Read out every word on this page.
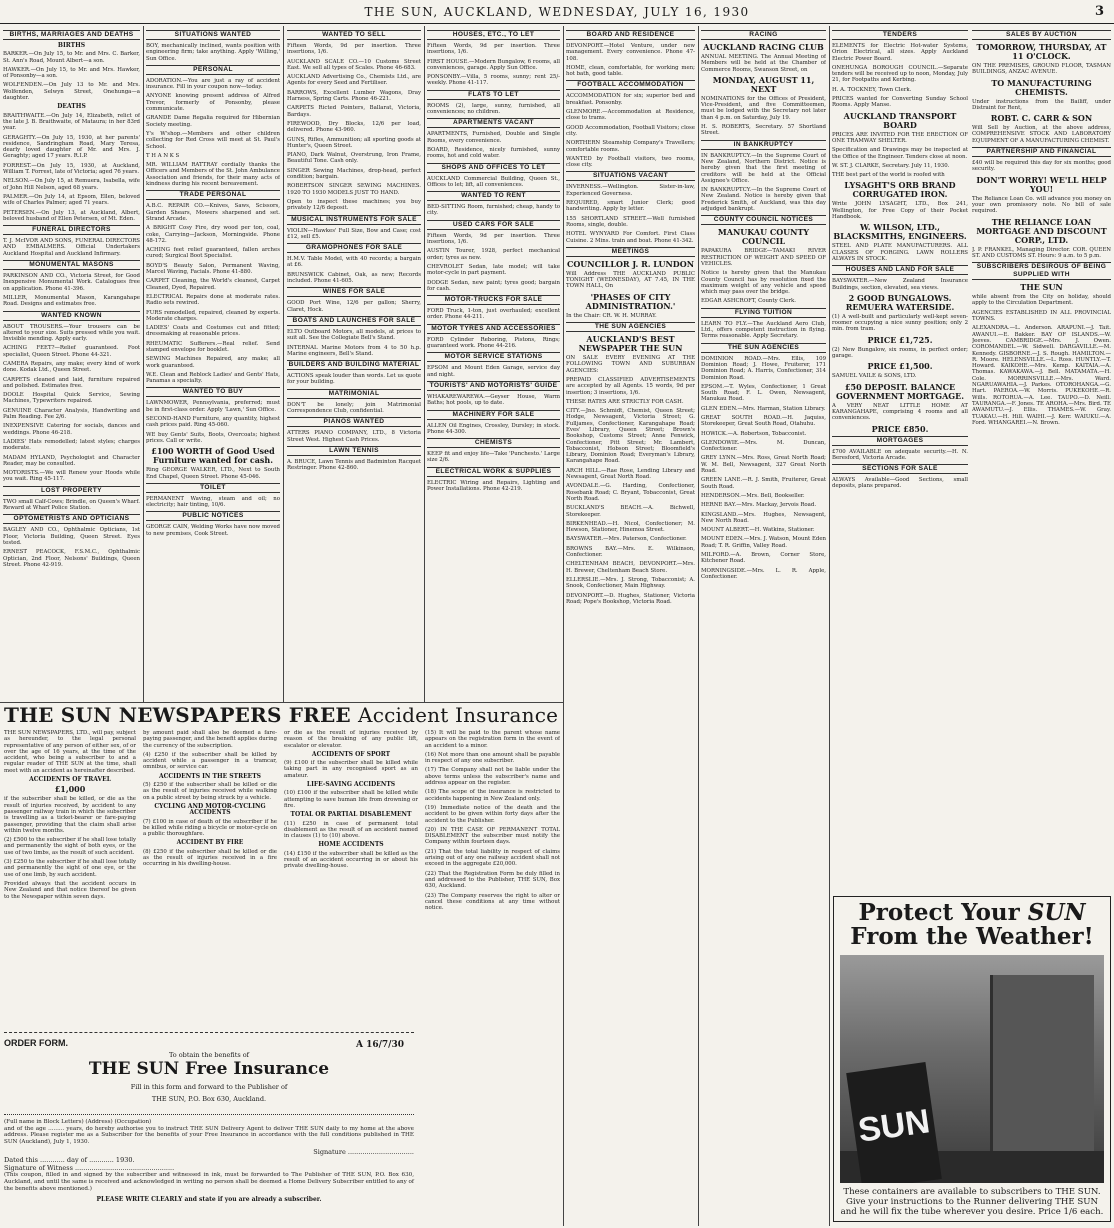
THE SUN, AUCKLAND, WEDNESDAY, JULY 16, 1930	3
BIRTHS, MARRIAGES AND DEATHS
BIRTHS
BARKER.—On July 15, to Mr. and Mrs. C. Barker, St. Ann's Road, Mount Albert—a son.
HAWKER.—On July 15, to Mr. and Mrs. Hawker, of Ponsonby—a son.
WOLFENDEN.—On July 13 to Mr. and Mrs. Wolfenden, Selwyn Street, Onehunga—a daughter.
DEATHS
BRAITHWAITE.—On July 14, Elizabeth, relict of the late J. B. Braithwaite, of Mataura; in her 83rd year.
GERAGHTY.—On July 15, 1930, at her parents' residence, Sandringham Road, Mary Teresa, dearly loved daughter of Mr. and Mrs. J. Geraghty; aged 17 years. R.I.P.
FORREST.—On July 15, 1930, at Auckland, William T. Forrest, late of Victoria; aged 76 years.
NELSON.—On July 15, at Remuera, Isabella, wife of John Hill Nelson, aged 68 years.
PALMER.—On July 14, at Epsom, Ellen, beloved wife of Charles Palmer; aged 71 years.
PETERSEN.—On July 13, at Auckland, Albert, beloved husband of Ellen Petersen, of Mt. Eden.
FUNERAL DIRECTORS
T. J. McIVOR AND SONS, FUNERAL DIRECTORS AND EMBALMERS. Official Undertakers Auckland Hospital and Auckland Infirmary.
MONUMENTAL MASONS
PARKINSON AND CO., Victoria Street, for Good Inexpensive Monumental Work. Catalogues free on application. Phone 41-396.
MILLER, Monumental Mason, Karangahape Road. Designs and estimates free.
WANTED KNOWN
ABOUT TROUSERS.—Your trousers can be altered to your size. Suits pressed while you wait. Invisible mending. Apply early.
ACHING FEET?—Relief guaranteed. Foot specialist, Queen Street. Phone 44-321.
CAMERA Repairs, any make; every kind of work done. Kodak Ltd., Queen Street.
CARPETS cleaned and laid, furniture repaired and polished. Estimates free.
DOOLE Hospital Quick Service, Sewing Machines, Typewriters repaired.
GENUINE Character Analysis, Handwriting and Palm Reading. Fee 2/6.
INEXPENSIVE Catering for socials, dances and weddings. Phone 46-218.
LADIES' Hats remodelled; latest styles; charges moderate.
MADAM HYLAND, Psychologist and Character Reader, may be consulted.
MOTORISTS.—We will Renew your Hoods while you wait. Ring 45-117.
LOST PROPERTY
TWO small Calf-Cows; Brindle, on Queen's Wharf. Reward at Wharf Police Station.
OPTOMETRISTS AND OPTICIANS
BAGLEY AND CO., Ophthalmic Opticians, 1st Floor, Victoria Building, Queen Street. Eyes tested.
ERNEST PEACOCK, F.S.M.C., Ophthalmic Optician, 2nd Floor, Nelsons' Buildings, Queen Street. Phone 42-919.
SITUATIONS WANTED
BOY, mechanically inclined, wants position with engineering firm; take anything. Apply 'Willing,' Sun Office.
PERSONAL
ADORATION.—You are just a ray of accident insurance. Fill in your coupon now—today.
ANYONE knowing present address of Alfred Trevor, formerly of Ponsonby, please communicate.
GRANDE Dame Regalia required for Hibernian Society meeting.
Y's W'shop.—Members and other children collecting for Red Cross will meet at St. Paul's School.
T H A N K S
MR. WILLIAM RATTRAY cordially thanks the Officers and Members of the St. John Ambulance Association and friends, for their many acts of kindness during his recent bereavement.
TRADE PERSONAL
A.B.C. REPAIR CO.—Knives, Saws, Scissors, Garden Shears, Mowers sharpened and set. Strand Arcade.
A BRIGHT Cosy Fire, dry wood per ton, coal, coke, Carrying—Jackson, Morningside. Phone 48-172.
ACHING feet relief guaranteed, fallen arches cured; Surgical Boot Specialist.
BOYD'S Beauty Salon, Permanent Waving, Marcel Waving, Facials. Phone 41-880.
CARPET Cleaning, the World's cleanest, Carpet Cleaned, Dyed, Repaired.
ELECTRICAL Repairs done at moderate rates. Radio sets rewired.
FURS remodelled, repaired, cleaned by experts. Moderate charges.
LADIES' Coats and Costumes cut and fitted; dressmaking at reasonable prices.
RHEUMATIC Sufferers.—Real relief. Send stamped envelope for booklet.
SEWING Machines Repaired, any make; all work guaranteed.
W.E. Clean and Reblock Ladies' and Gents' Hats, Panamas a specialty.
WANTED TO BUY
LAWNMOWER, Pennsylvania, preferred; must be in first-class order. Apply 'Lawn,' Sun Office.
SECOND-HAND Furniture, any quantity, highest cash prices paid. Ring 45-060.
WE buy Gents' Suits, Boots, Overcoats; highest prices. Call or write.
£100 WORTH of Good Used Furniture wanted for cash.
Ring GEORGE WALKER, LTD., Next to South End Chapel, Queen Street. Phone 45-046.
TOILET
PERMANENT Waving, steam and oil; no electricity; hair tinting, 10/6.
PUBLIC NOTICES
GEORGE CAIN, Welding Works have now moved to new premises, Cook Street.
WANTED TO SELL
Fifteen Words, 9d per insertion. Three insertions, 1/6.
AUCKLAND SCALE CO.—10 Customs Street East. We sell all types of Scales. Phone 46-683.
AUCKLAND Advertising Co., Chemists Ltd., are Agents for every Seed and Fertiliser.
BARROWS, Excellent Lumber Wagons, Dray Harness, Spring Carts. Phone 46-221.
CARPETS Ricted Pointers, Ballarat, Victoria, Bardays.
FIREWOOD, Dry Blocks, 12/6 per load, delivered. Phone 43-960.
GUNS, Rifles, Ammunition; all sporting goods at Hunter's, Queen Street.
PIANO, Dark Walnut, Overstrung, Iron Frame, Beautiful Tone. Cash only.
SINGER Sewing Machines, drop-head, perfect condition; bargain.
ROBERTSON SINGER SEWING MACHINES. 1920 TO 1930 MODELS JUST TO HAND.
Open to inspect these machines; you buy privately 12/6 deposit.
MUSICAL INSTRUMENTS FOR SALE
VIOLIN—Hawkes' Full Size, Bow and Case; cost £12, sell £5.
GRAMOPHONES FOR SALE
H.M.V. Table Model, with 40 records; a bargain at £6.
BRUNSWICK Cabinet, Oak, as new; Records included. Phone 41-605.
WINES FOR SALE
GOOD Port Wine, 12/6 per gallon; Sherry, Claret, Hock.
BOATS AND LAUNCHES FOR SALE
ELTO Outboard Motors, all models, at prices to suit all. See the Collegiate Bell's Stand.
INTERNAL Marine Motors from 4 to 50 h.p. Marine engineers, Bell's Stand.
BUILDERS AND BUILDING MATERIAL
ACTIONS speak louder than words. Let us quote for your building.
MATRIMONIAL
DON'T be lonely; join Matrimonial Correspondence Club, confidential.
PIANOS WANTED
ATTERS PIANO COMPANY, LTD., 8 Victoria Street West. Highest Cash Prices.
LAWN TENNIS
A. BRUCE, Lawn Tennis and Badminton Racquet Restringer. Phone 42-860.
HOUSES, ETC., TO LET
Fifteen Words, 9d per insertion. Three insertions, 1/6.
FIRST HOUSE.—Modern Bungalow, 6 rooms, all conveniences, garage. Apply Sun Office.
PONSONBY.—Villa, 5 rooms, sunny; rent 25/- weekly. Phone 41-117.
FLATS TO LET
ROOMS (2), large, sunny, furnished, all conveniences; no children.
APARTMENTS VACANT
APARTMENTS, Furnished, Double and Single Rooms, every convenience.
BOARD, Residence, nicely furnished, sunny rooms, hot and cold water.
SHOPS AND OFFICES TO LET
AUCKLAND Commercial Building, Queen St., Offices to let; lift, all conveniences.
WANTED TO RENT
BED-SITTING Room, furnished; cheap, handy to city.
USED CARS FOR SALE
Fifteen Words, 9d per insertion. Three insertions, 1/6.
AUSTIN Tourer, 1928, perfect mechanical order; tyres as new.
CHEVROLET Sedan, late model; will take motor-cycle in part payment.
DODGE Sedan, new paint; tyres good; bargain for cash.
MOTOR-TRUCKS FOR SALE
FORD Truck, 1-ton, just overhauled; excellent order. Phone 44-211.
MOTOR TYRES AND ACCESSORIES
FORD Cylinder Reboring, Pistons, Rings; guaranteed work. Phone 44-216.
MOTOR SERVICE STATIONS
EPSOM and Mount Eden Garage, service day and night.
TOURISTS' AND MOTORISTS' GUIDE
WHAKAREWAREWA.—Geyser House, Warm Baths; hot pools, up to date.
MACHINERY FOR SALE
ALLEN Oil Engines, Crossley, Dursley; in stock. Phone 44-300.
CHEMISTS
KEEP fit and enjoy life—Take 'Punchesto.' Large size 2/6.
ELECTRICAL WORK & SUPPLIES
ELECTRIC Wiring and Repairs, Lighting and Power Installations. Phone 42-219.
BOARD AND RESIDENCE
DEVONPORT.—Hotel Venture, under new management. Every convenience. Phone 47-108.
HOME, clean, comfortable, for working men; hot bath, good table.
FOOTBALL ACCOMMODATION
ACCOMMODATION for six; superior bed and breakfast. Ponsonby.
GLENMORE.—Accommodation at Residence, close to trams.
GOOD Accommodation, Football Visitors; close city.
NORTHERN Steamship Company's Travellers; comfortable rooms.
WANTED by Football visitors, two rooms, close city.
SITUATIONS VACANT
INVERNESS.—Wellington. Sister-in-law, Experienced Governess.
REQUIRED, smart Junior Clerk; good handwriting. Apply by letter.
155 SHORTLAND STREET.—Well furnished Rooms, single, double.
HOTEL WYNYARD For Comfort. First Class Cuisine. 2 Mins. train and boat. Phone 41-342.
MEETINGS
COUNCILLOR J. R. LUNDON
Will Address THE AUCKLAND PUBLIC TONIGHT (WEDNESDAY), AT 7.45, IN THE TOWN HALL, On
'PHASES OF CITY ADMINISTRATION.'
In the Chair: CR. W. H. MURRAY.
THE SUN AGENCIES
AUCKLAND'S BEST NEWSPAPER THE SUN
ON SALE EVERY EVENING AT THE FOLLOWING TOWN AND SUBURBAN AGENCIES:
PREPAID CLASSIFIED ADVERTISEMENTS are accepted by all Agents. 15 words, 9d per insertion; 3 insertions, 1/6.
THESE RATES ARE STRICTLY FOR CASH.
CITY.—Jno. Schmidt, Chemist, Queen Street; Hodge, Newsagent, Victoria Street; G. Fulljames, Confectioner, Karangahape Road; Eves' Library, Queen Street; Brown's Bookshop, Customs Street; Anne Fenwick, Confectioner, Pitt Street; Mr. Lambert, Tobacconist, Hobson Street; Bloomfield's Library, Dominion Road; Everyman's Library, Karangahape Road.
ARCH HILL.—Rae Rose, Lending Library and Newsagent, Great North Road.
AVONDALE.—G. Harding, Confectioner, Rosebank Road; C. Bryant, Tobacconist, Great North Road.
BUCKLAND'S BEACH.—A. Bichwell, Storekeeper.
BIRKENHEAD.—H. Nicol, Confectioner; M. Hewson, Stationer, Hinemoa Street.
BAYSWATER.—Mrs. Paterson, Confectioner.
BROWNS BAY.—Mrs. E. Wilkinson, Confectioner.
CHELTENHAM BEACH, DEVONPORT.—Mrs. H. Brewer, Cheltenham Beach Store.
ELLERSLIE.—Mrs. J. Strong, Tobacconist; A. Snook, Confectioner, Main Highway.
DEVONPORT.—D. Hughes, Stationer, Victoria Road; Pope's Bookshop, Victoria Road.
RACING
AUCKLAND RACING CLUB
ANNUAL MEETING. The Annual Meeting of Members will be held at the Chamber of Commerce Rooms, Swanson Street, on
MONDAY, AUGUST 11, NEXT
NOMINATIONS for the Offices of President, Vice-President, and five Committeemen, must be lodged with the Secretary not later than 4 p.m. on Saturday, July 19.
H. S. ROBERTS, Secretary. 57 Shortland Street.
IN BANKRUPTCY
IN BANKRUPTCY.—In the Supreme Court of New Zealand, Northern District. Notice is hereby given that the first meeting of creditors will be held at the Official Assignee's Office.
IN BANKRUPTCY.—In the Supreme Court of New Zealand. Notice is hereby given that Frederick Smith, of Auckland, was this day adjudged bankrupt.
COUNTY COUNCIL NOTICES
MANUKAU COUNTY COUNCIL
PAPAKURA BRIDGE—TAMAKI RIVER RESTRICTION OF WEIGHT AND SPEED OF VEHICLES.
Notice is hereby given that the Manukau County Council has by resolution fixed the maximum weight of any vehicle and speed which may pass over the bridge.
EDGAR ASHCROFT, County Clerk.
FLYING TUITION
LEARN TO FLY.—The Auckland Aero Club, Ltd., offers competent instruction in flying. Terms reasonable. Apply Secretary.
THE SUN AGENCIES
DOMINION ROAD.—Mrs. Ellis, 109 Dominion Road; J. Howe, Fruiterer, 171 Dominion Road; A. Harris, Confectioner, 314 Dominion Road.
EPSOM.—T. Wyles, Confectioner, 1 Great South Road; F. L. Owen, Newsagent, Manukau Road.
GLEN EDEN.—Mrs. Harman, Station Library.
GREAT SOUTH ROAD.—H. Jaquiss, Storekeeper, Great South Road, Otahuhu.
HOWICK.—A. Robertson, Tobacconist.
GLENDOWIE.—Mrs. M. Duncan, Confectioner.
GREY LYNN.—Mrs. Ross, Great North Road; W. M. Bell, Newsagent, 327 Great North Road.
GREEN LANE.—R. J. Smith, Fruiterer, Great South Road.
HENDERSON.—Mrs. Bell, Bookseller.
HERNE BAY.—Mrs. Mackay, Jervois Road.
KINGSLAND.—Mrs. Hughes, Newsagent, New North Road.
MOUNT ALBERT.—H. Watkins, Stationer.
MOUNT EDEN.—Mrs. J. Watson, Mount Eden Road; T. R. Griffin, Valley Road.
MILFORD.—A. Brown, Corner Store, Kitchener Road.
MORNINGSIDE.—Mrs. L. R. Apple, Confectioner.
TENDERS
ELEMENTS for Electric Hot-water Systems, Orion Electrical, all sizes. Apply Auckland Electric Power Board.
ONEHUNGA BOROUGH COUNCIL.—Separate tenders will be received up to noon, Monday, July 21, for Footpaths and Kerbing.
H. A. TOCKNEY, Town Clerk.
PRICES wanted for Converting Sunday School Rooms. Apply Manse.
AUCKLAND TRANSPORT BOARD
PRICES ARE INVITED FOR THE ERECTION OF ONE TRAMWAY SHELTER.
Specification and Drawings may be inspected at the Office of the Engineer. Tenders close at noon.
W. ST. J. CLARKE, Secretary. July 11, 1930.
THE best part of the world is roofed with
LYSAGHT'S ORB BRAND CORRUGATED IRON.
Write JOHN LYSAGHT, LTD., Box 241, Wellington, for Free Copy of their Pocket Handbook.
W. WILSON, LTD., BLACKSMITHS, ENGINEERS.
STEEL AND PLATE MANUFACTURERS. ALL CLASSES OF FORGING. LAWN ROLLERS ALWAYS IN STOCK.
HOUSES AND LAND FOR SALE
BAYSWATER.—New Zealand Insurance Buildings, section, elevated, sea views.
2 GOOD BUNGALOWS. REMUERA WATERSIDE.
(1) A well-built and particularly well-kept seven-roomer occupying a nice sunny position; only 2 min. from tram.
PRICE £1,725.
(2) New Bungalow, six rooms, in perfect order; garage.
PRICE £1,500.
SAMUEL VAILE & SONS, LTD.
£50 DEPOSIT. BALANCE GOVERNMENT MORTGAGE.
A VERY NEAT LITTLE HOME AT KARANGAHAPE, comprising 4 rooms and all conveniences.
PRICE £850.
MORTGAGES
£700 AVAILABLE on adequate security.—H. N. Beresford, Victoria Arcade.
SECTIONS FOR SALE
ALWAYS Available—Good Sections, small deposits, plans prepared.
SALES BY AUCTION
TOMORROW, THURSDAY, AT 11 O'CLOCK.
ON THE PREMISES, GROUND FLOOR, TASMAN BUILDINGS, ANZAC AVENUE.
TO MANUFACTURING CHEMISTS.
Under instructions from the Bailiff, under Distraint for Rent,
ROBT. C. CARR & SON
Will Sell by Auction, at the above address, COMPREHENSIVE STOCK AND LABORATORY EQUIPMENT OF A MANUFACTURING CHEMIST.
PARTNERSHIP AND FINANCIAL
£40 will be required this day for six months; good security.
DON'T WORRY! WE'LL HELP YOU!
The Reliance Loan Co. will advance you money on your own promissory note. No bill of sale required.
THE RELIANCE LOAN MORTGAGE AND DISCOUNT CORP., LTD.
J. P. FRANKEL, Managing Director. COR. QUEEN ST. AND CUSTOMS ST. Hours: 9 a.m. to 5 p.m.
SUBSCRIBERS DESIROUS OF BEING SUPPLIED WITH
THE SUN
while absent from the City on holiday, should apply to the Circulation Department.
AGENCIES ESTABLISHED IN ALL PROVINCIAL TOWNS.
ALEXANDRA.—L. Anderson. ARAPUNI.—J. Tait. AWANUI.—E. Bakker. BAY OF ISLANDS.—W. Jeeves. CAMBRIDGE.—Mrs. J. Owen. COROMANDEL.—W. Sidwell. DARGAVILLE.—M. Kennedy. GISBORNE.—J. S. Rough. HAMILTON.—R. Moore. HELENSVILLE.—L. Ross. HUNTLY.—T. Howard. KAIKOHE.—Mrs. Kemp. KAITAIA.—A. Thomas. KAWAKAWA.—J. Bell. MATAMATA.—H. Cole. MORRINSVILLE.—Mrs. Ward. NGARUAWAHIA.—J. Parkes. OTOROHANGA.—G. Hart. PAEROA.—W. Morris. PUKEKOHE.—R. Wills. ROTORUA.—A. Lee. TAUPO.—D. Neill. TAURANGA.—F. Jones. TE AROHA.—Mrs. Bird. TE AWAMUTU.—J. Ellis. THAMES.—W. Gray. TUAKAU.—H. Hill. WAIHI.—J. Kerr. WAIUKU.—A. Ford. WHANGAREI.—N. Brown.
THE SUN NEWSPAPERS FREE Accident Insurance
THE SUN NEWSPAPERS, LTD., will pay, subject as hereunder, to the legal personal representative of any person of either sex, of or over the age of 16 years, at the time of the accident, who being a subscriber to and a regular reader of THE SUN at the time, shall meet with an accident as hereinafter described.
ACCIDENTS OF TRAVEL
£1,000
if the subscriber shall be killed, or die as the result of injuries received, by accident to any passenger railway train in which the subscriber is travelling as a ticket-bearer or fare-paying passenger, providing that the claim shall arise within twelve months.
(2) £500 to the subscriber if he shall lose totally and permanently the sight of both eyes, or the use of two limbs, as the result of such accident.
(3) £250 to the subscriber if he shall lose totally and permanently the sight of one eye, or the use of one limb, by such accident.
Provided always that the accident occurs in New Zealand and that notice thereof be given to the Newspaper within seven days.
by amount paid shall also be deemed a fare-paying passenger, and the benefit applies during the currency of the subscription.
(4) £250 if the subscriber shall be killed by accident while a passenger in a tramcar, omnibus, or service car.
ACCIDENTS IN THE STREETS
(5) £250 if the subscriber shall be killed or die as the result of injuries received while walking on a public street by being struck by a vehicle.
CYCLING AND MOTOR-CYCLING ACCIDENTS
(7) £100 in case of death of the subscriber if he be killed while riding a bicycle or motor-cycle on a public thoroughfare.
ACCIDENT BY FIRE
(8) £250 if the subscriber shall be killed or die as the result of injuries received in a fire occurring in his dwelling-house.
or die as the result of injuries received by reason of the breaking of any public lift, escalator or elevator.
ACCIDENTS OF SPORT
(9) £100 if the subscriber shall be killed while taking part in any recognised sport as an amateur.
LIFE-SAVING ACCIDENTS
(10) £100 if the subscriber shall be killed while attempting to save human life from drowning or fire.
TOTAL OR PARTIAL DISABLEMENT
(11) £250 in case of permanent total disablement as the result of an accident named in clauses (1) to (10) above.
HOME ACCIDENTS
(14) £150 if the subscriber shall be killed as the result of an accident occurring in or about his private dwelling-house.
(15) It will be paid to the parent whose name appears on the registration form in the event of an accident to a minor.
(16) Not more than one amount shall be payable in respect of any one subscriber.
(17) The Company shall not be liable under the above terms unless the subscriber's name and address appear on the register.
(18) The scope of the insurance is restricted to accidents happening in New Zealand only.
(19) Immediate notice of the death and the accident to be given within forty days after the accident to the Publisher.
(20) IN THE CASE OF PERMANENT TOTAL DISABLEMENT the subscriber must notify the Company within fourteen days.
(21) That the total liability in respect of claims arising out of any one railway accident shall not exceed in the aggregate £20,000.
(22) That the Registration Form be duly filled in and addressed to the Publisher, THE SUN, Box 630, Auckland.
(23) The Company reserves the right to alter or cancel these conditions at any time without notice.
ORDER FORM.	A 16/7/30
To obtain the benefits of
THE SUN Free Insurance
Fill in this form and forward to the Publisher of
THE SUN, P.O. Box 630, Auckland.
(Full name in Block Letters) (Address) (Occupation)
and of the age ......... years, do hereby authorise you to instruct THE SUN Delivery Agent to deliver THE SUN daily to my home at the above address. Please register me as a Subscriber for the benefits of your Free Insurance in accordance with the full conditions published in THE SUN (Auckland), July 1, 1930.
Signature ................................
Dated this ............ day of ............ 1930.
Signature of Witness ................................................
(This coupon, filled in and signed by the subscriber and witnessed in ink, must be forwarded to The Publisher of THE SUN, P.O. Box 630, Auckland, and until the same is received and acknowledged in writing no person shall be deemed a Home Delivery Subscriber entitled to any of the benefits above mentioned.)
PLEASE WRITE CLEARLY and state if you are already a subscriber.
Protect Your SUN
From the Weather!
SUN
These containers are available to subscribers to THE SUN. Give your instructions to the Runner delivering THE SUN and he will fix the tube wherever you desire. Price 1/6 each.
